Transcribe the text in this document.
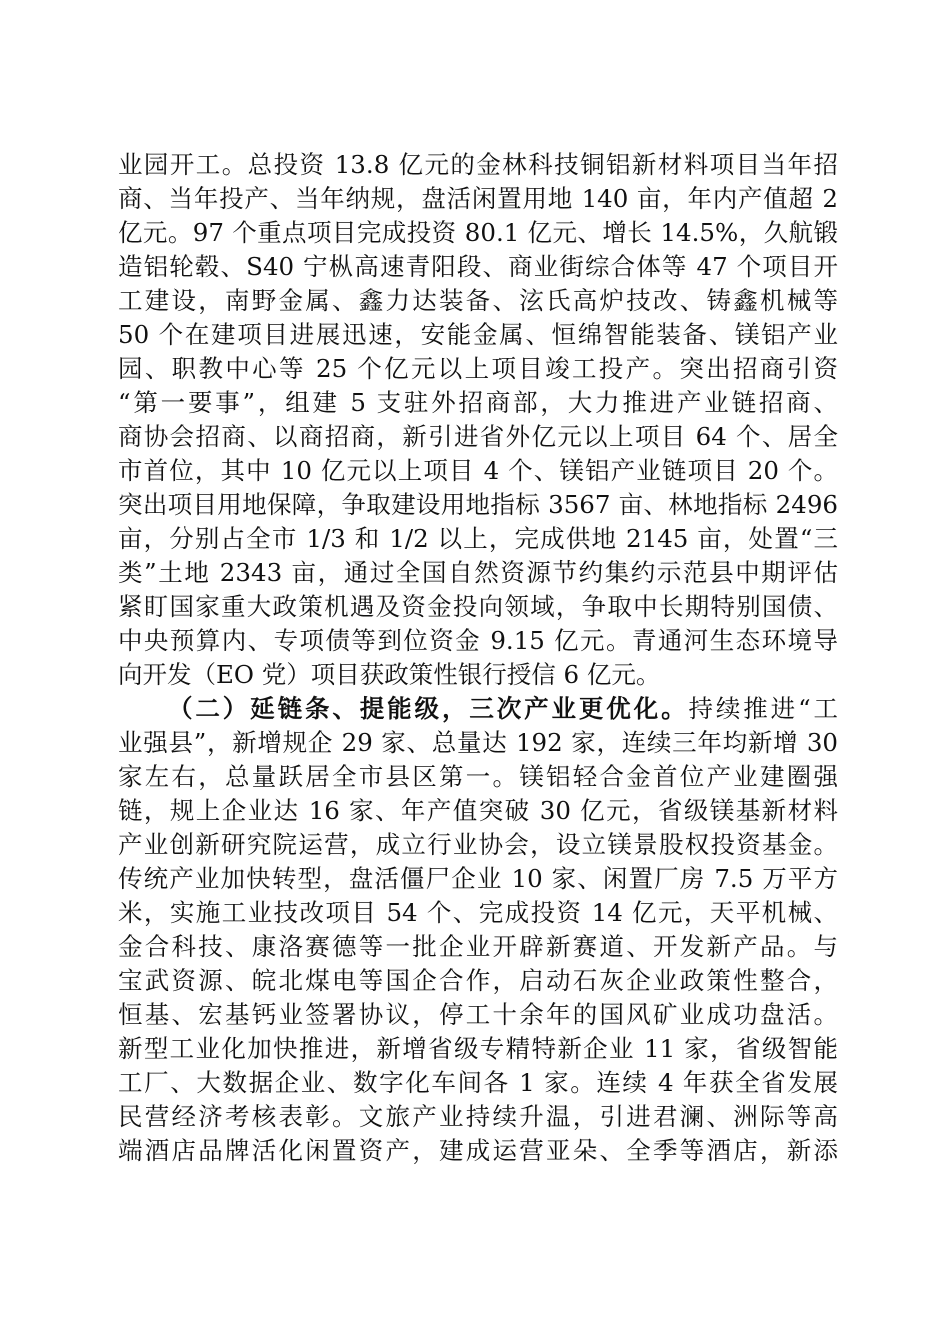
业园开工。总投资 13.8 亿元的金林科技铜铝新材料项目当年招
商、当年投产、当年纳规，盘活闲置用地 140 亩，年内产值超 2
亿元。97 个重点项目完成投资 80.1 亿元、增长 14.5%，久航锻
造铝轮毂、S40 宁枞高速青阳段、商业街综合体等 47 个项目开
工建设，南野金属、鑫力达装备、泫氏高炉技改、铸鑫机械等
50 个在建项目进展迅速，安能金属、恒绵智能装备、镁铝产业
园、职教中心等 25 个亿元以上项目竣工投产。突出招商引资
“第一要事”，组建 5 支驻外招商部，大力推进产业链招商、
商协会招商、以商招商，新引进省外亿元以上项目 64 个、居全
市首位，其中 10 亿元以上项目 4 个、镁铝产业链项目 20 个。
突出项目用地保障，争取建设用地指标 3567 亩、林地指标 2496
亩，分别占全市 1/3 和 1/2 以上，完成供地 2145 亩，处置“三
类”土地 2343 亩，通过全国自然资源节约集约示范县中期评估
紧盯国家重大政策机遇及资金投向领域，争取中长期特别国债、
中央预算内、专项债等到位资金 9.15 亿元。青通河生态环境导
向开发（EO 党）项目获政策性银行授信 6 亿元。
（二）延链条、提能级，三次产业更优化。持续推进“工
业强县”，新增规企 29 家、总量达 192 家，连续三年均新增 30
家左右，总量跃居全市县区第一。镁铝轻合金首位产业建圈强
链，规上企业达 16 家、年产值突破 30 亿元，省级镁基新材料
产业创新研究院运营，成立行业协会，设立镁景股权投资基金。
传统产业加快转型，盘活僵尸企业 10 家、闲置厂房 7.5 万平方
米，实施工业技改项目 54 个、完成投资 14 亿元，天平机械、
金合科技、康洛赛德等一批企业开辟新赛道、开发新产品。与
宝武资源、皖北煤电等国企合作，启动石灰企业政策性整合，
恒基、宏基钙业签署协议，停工十余年的国风矿业成功盘活。
新型工业化加快推进，新增省级专精特新企业 11 家，省级智能
工厂、大数据企业、数字化车间各 1 家。连续 4 年获全省发展
民营经济考核表彰。文旅产业持续升温，引进君澜、洲际等高
端酒店品牌活化闲置资产，建成运营亚朵、全季等酒店，新添
